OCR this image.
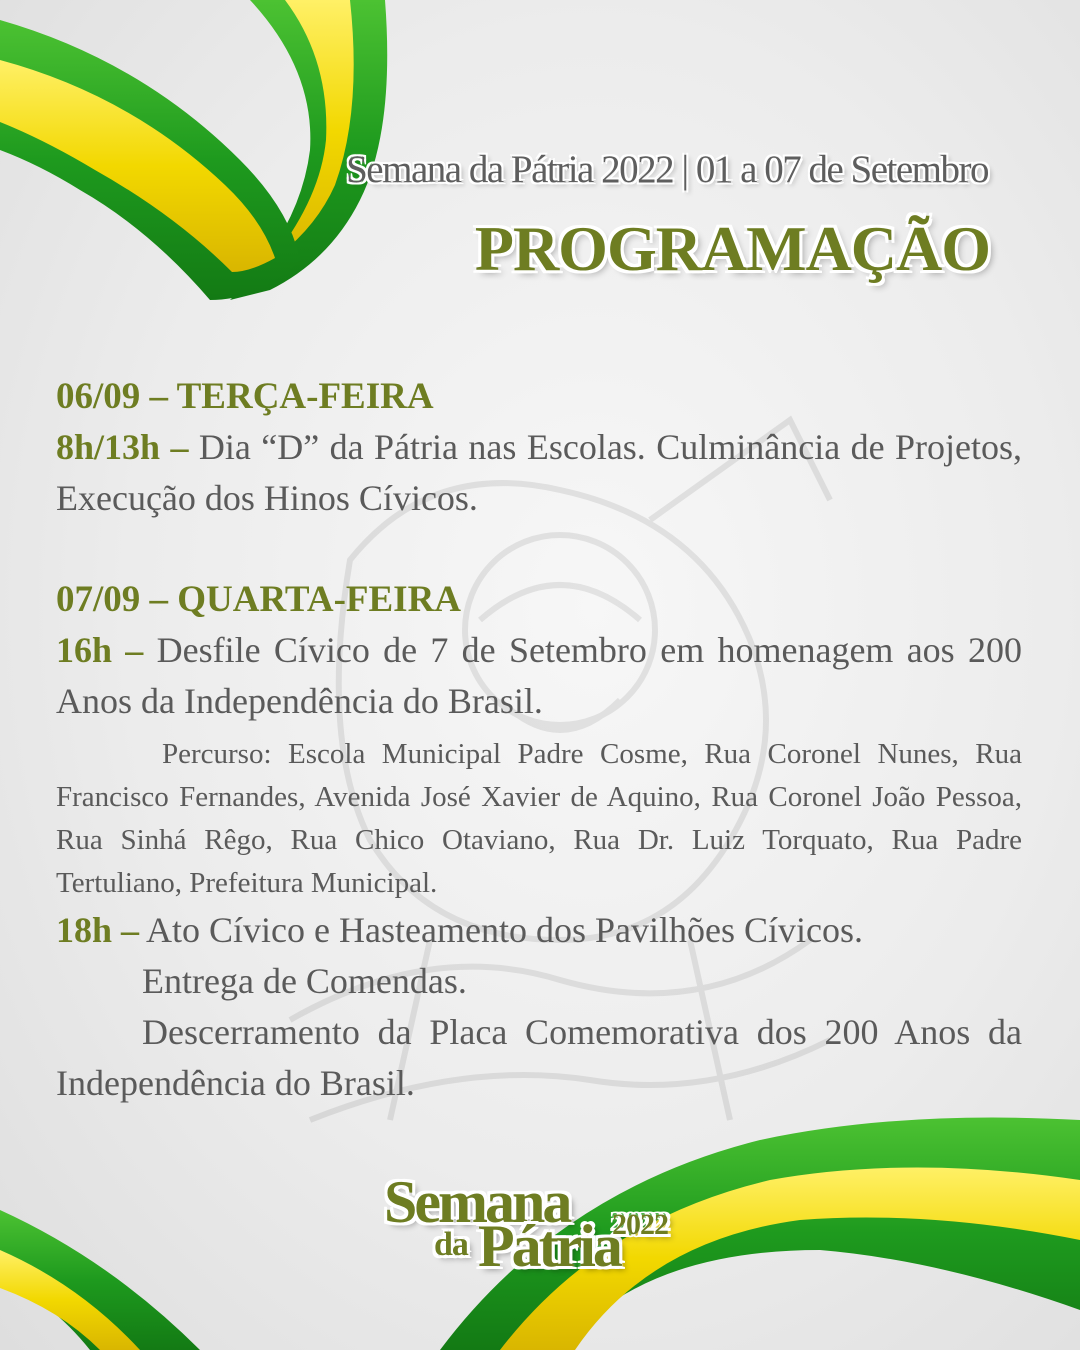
Semana da Pátria 2022 | 01 a 07 de Setembro
PROGRAMAÇÃO

06/09 – TERÇA-FEIRA

8h/13h – Dia “D” da Pátria nas Escolas. Culminância de Projetos, Execução dos Hinos Cívicos.

07/09 – QUARTA-FEIRA

16h – Desfile Cívico de 7 de Setembro em homenagem aos 200 Anos da Independência do Brasil.

Percurso: Escola Municipal Padre Cosme, Rua Coronel Nunes, Rua Francisco Fernandes, Avenida José Xavier de Aquino, Rua Coronel João Pessoa, Rua Sinhá Rêgo, Rua Chico Otaviano, Rua Dr. Luiz Torquato, Rua Padre Tertuliano, Prefeitura Municipal.

18h – Ato Cívico e Hasteamento dos Pavilhões Cívicos.

Entrega de Comendas.

Descerramento da Placa Comemorativa dos 200 Anos da Independência do Brasil.

Semana
da Pátria
2022
